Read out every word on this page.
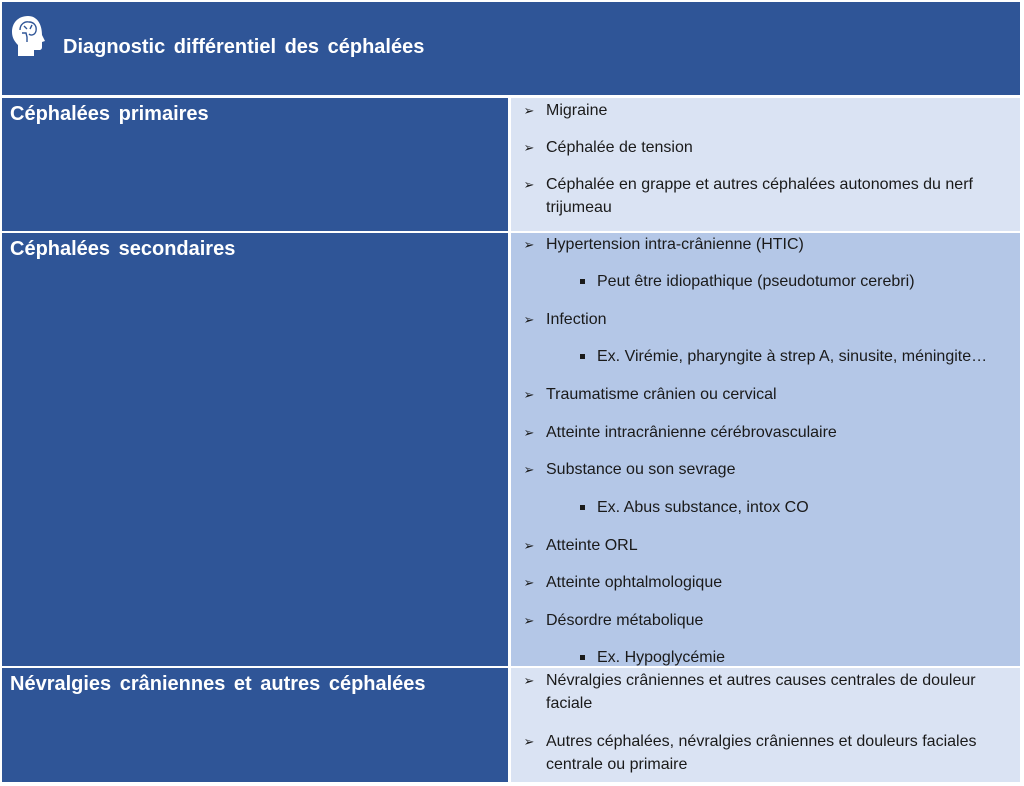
Diagnostic différentiel des céphalées
Céphalées primaires	➢ Migraine
➢ Céphalée de tension
➢ Céphalée en grappe et autres céphalées autonomes du nerf trijumeau
Céphalées secondaires	➢ Hypertension intra-crânienne (HTIC)
Peut être idiopathique (pseudotumor cerebri)
➢ Infection
Ex. Virémie, pharyngite à strep A, sinusite, méningite…
➢ Traumatisme crânien ou cervical
➢ Atteinte intracrânienne cérébrovasculaire
➢ Substance ou son sevrage
Ex. Abus substance, intox CO
➢ Atteinte ORL
➢ Atteinte ophtalmologique
➢ Désordre métabolique
Ex. Hypoglycémie
Névralgies crâniennes et autres céphalées	➢ Névralgies crâniennes et autres causes centrales de douleur faciale
➢ Autres céphalées, névralgies crâniennes et douleurs faciales centrale ou primaire
